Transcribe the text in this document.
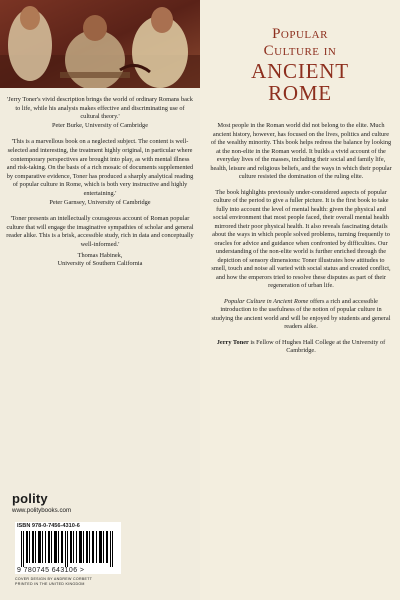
'Jerry Toner's vivid description brings the world of ordinary Romans back to life, while his analysis makes effective and discriminating use of cultural theory.'

Peter Burke, University of Cambridge

'This is a marvellous book on a neglected subject. The content is well-selected and interesting, the treatment highly original, in particular where contemporary perspectives are brought into play, as with mental illness and risk-taking. On the basis of a rich mosaic of documents supplemented by comparative evidence, Toner has produced a sharply analytical reading of popular culture in Rome, which is both very instructive and highly entertaining.'

Peter Garnsey, University of Cambridge

'Toner presents an intellectually courageous account of Roman popular culture that will engage the imaginative sympathies of scholar and general reader alike. This is a brisk, accessible study, rich in data and conceptually well-informed.'

Thomas Habinek,

University of Southern California

polity
www.politybooks.com
ISBN 978-0-7456-4310-6
9 780745 643106 >

COVER DESIGN BY ANDREW CORBETT

PRINTED IN THE UNITED KINGDOM

Popular
Culture in
ANCIENT
ROME

Most people in the Roman world did not belong to the elite. Much ancient history, however, has focused on the lives, politics and culture of the wealthy minority. This book helps redress the balance by looking at the non-elite in the Roman world. It builds a vivid account of the everyday lives of the masses, including their social and family life, health, leisure and religious beliefs, and the ways in which their popular culture resisted the domination of the ruling elite.

The book highlights previously under-considered aspects of popular culture of the period to give a fuller picture. It is the first book to take fully into account the level of mental health: given the physical and social environment that most people faced, their overall mental health mirrored their poor physical health. It also reveals fascinating details about the ways in which people solved problems, turning frequently to oracles for advice and guidance when confronted by difficulties. Our understanding of the non-elite world is further enriched through the depiction of sensory dimensions: Toner illustrates how attitudes to smell, touch and noise all varied with social status and created conflict, and how the emperors tried to resolve these disputes as part of their regeneration of urban life.

Popular Culture in Ancient Rome offers a rich and accessible introduction to the usefulness of the notion of popular culture in studying the ancient world and will be enjoyed by students and general readers alike.

Jerry Toner is Fellow of Hughes Hall College at the University of Cambridge.
